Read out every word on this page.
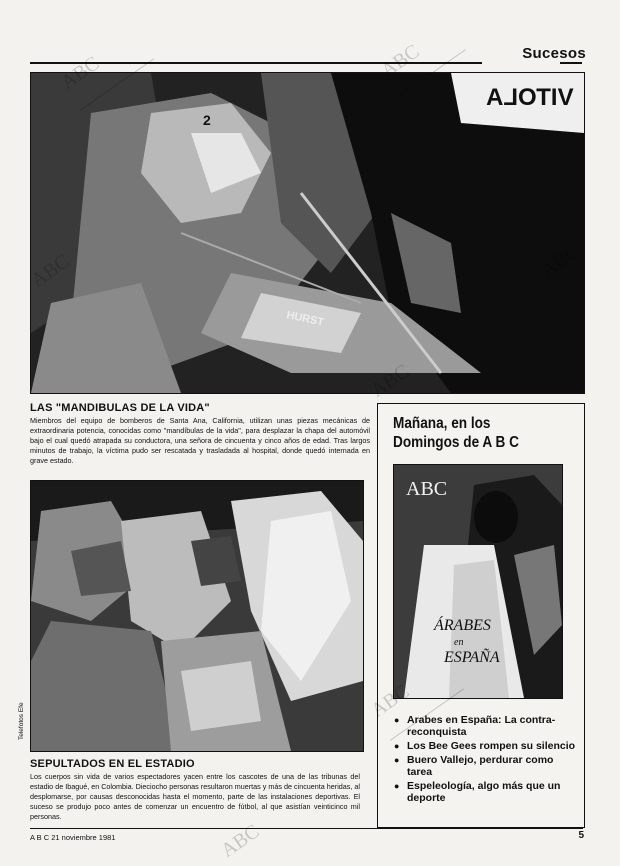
Sucesos
2
HURST
VITOLA
LAS "MANDIBULAS DE LA VIDA"
Miembros del equipo de bomberos de Santa Ana, California, utilizan unas piezas mecánicas de extraordinaria potencia, conocidas como "mandíbulas de la vida", para desplazar la chapa del automóvil bajo el cual quedó atrapada su conductora, una señora de cincuenta y cinco años de edad. Tras largos minutos de trabajo, la víctima pudo ser rescatada y trasladada al hospital, donde quedó internada en grave estado.
Telefotos Efe
SEPULTADOS EN EL ESTADIO
Los cuerpos sin vida de varios espectadores yacen entre los cascotes de una de las tribunas del estadio de Ibagué, en Colombia. Dieciocho personas resultaron muertas y más de cincuenta heridas, al desplomarse, por causas desconocidas hasta el momento, parte de las instalaciones deportivas. El suceso se produjo poco antes de comenzar un encuentro de fútbol, al que asistían veinticinco mil personas.
Mañana, en los Domingos de A B C
ABC
ÁRABES
en
ESPAÑA
● Arabes en España: La contra-reconquista
● Los Bee Gees rompen su silencio
● Buero Vallejo, perdurar como tarea
● Espeleología, algo más que un deporte
A B C 21 noviembre 1981	5
ABC
ABC
